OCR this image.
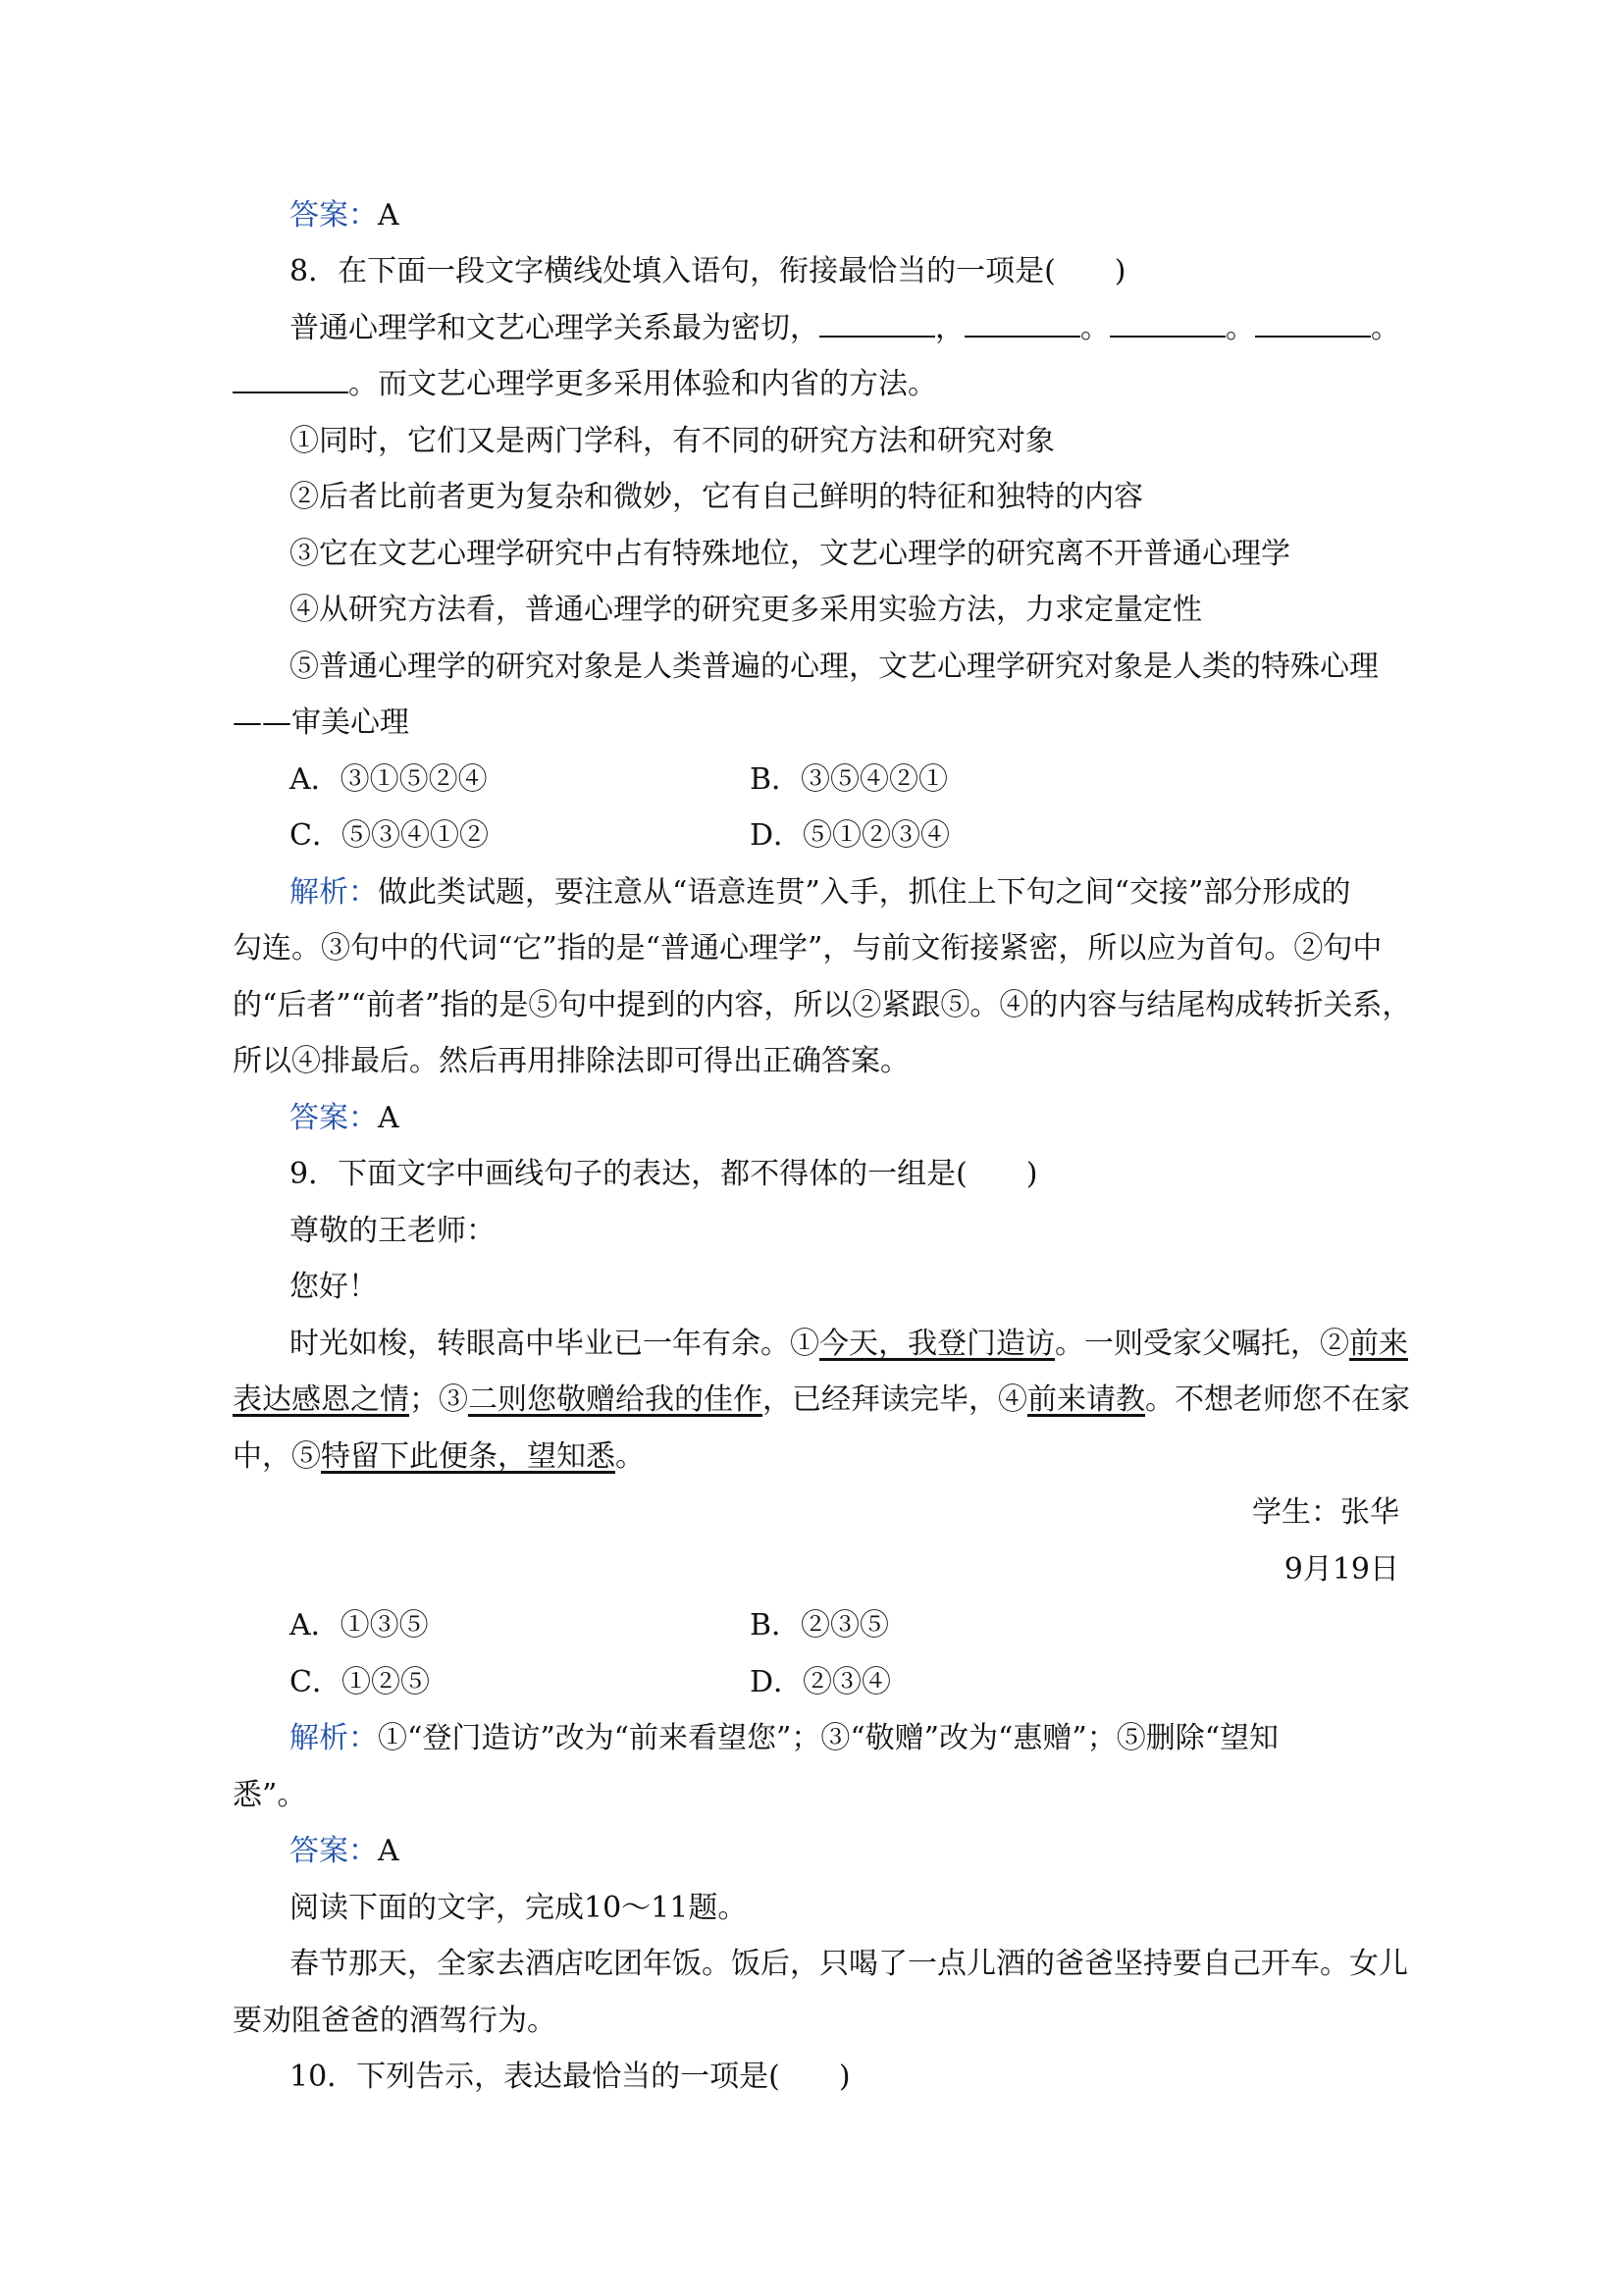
答案：A
8．在下面一段文字横线处填入语句，衔接最恰当的一项是(　　)
普通心理学和文艺心理学关系最为密切，	，	。	。	。
。而文艺心理学更多采用体验和内省的方法。
①同时，它们又是两门学科，有不同的研究方法和研究对象
②后者比前者更为复杂和微妙，它有自己鲜明的特征和独特的内容
③它在文艺心理学研究中占有特殊地位，文艺心理学的研究离不开普通心理学
④从研究方法看，普通心理学的研究更多采用实验方法，力求定量定性
⑤普通心理学的研究对象是人类普遍的心理，文艺心理学研究对象是人类的特殊心理
——审美心理
A．③①⑤②④	B．③⑤④②①
C．⑤③④①②	D．⑤①②③④
解析：做此类试题，要注意从“语意连贯”入手，抓住上下句之间“交接”部分形成的
勾连。③句中的代词“它”指的是“普通心理学”，与前文衔接紧密，所以应为首句。②句中
的“后者”“前者”指的是⑤句中提到的内容，所以②紧跟⑤。④的内容与结尾构成转折关系，
所以④排最后。然后再用排除法即可得出正确答案。
答案：A
9．下面文字中画线句子的表达，都不得体的一组是(　　)
尊敬的王老师：
您好！
时光如梭，转眼高中毕业已一年有余。①今天，我登门造访。一则受家父嘱托，②前来
表达感恩之情；③二则您敬赠给我的佳作，已经拜读完毕，④前来请教。不想老师您不在家
中，⑤特留下此便条，望知悉。
学生：张华
9月19日
A．①③⑤	B．②③⑤
C．①②⑤	D．②③④
解析：①“登门造访”改为“前来看望您”；③“敬赠”改为“惠赠”；⑤删除“望知
悉”。
答案：A
阅读下面的文字，完成10～11题。
春节那天，全家去酒店吃团年饭。饭后，只喝了一点儿酒的爸爸坚持要自己开车。女儿
要劝阻爸爸的酒驾行为。
10．下列告示，表达最恰当的一项是(　　)
